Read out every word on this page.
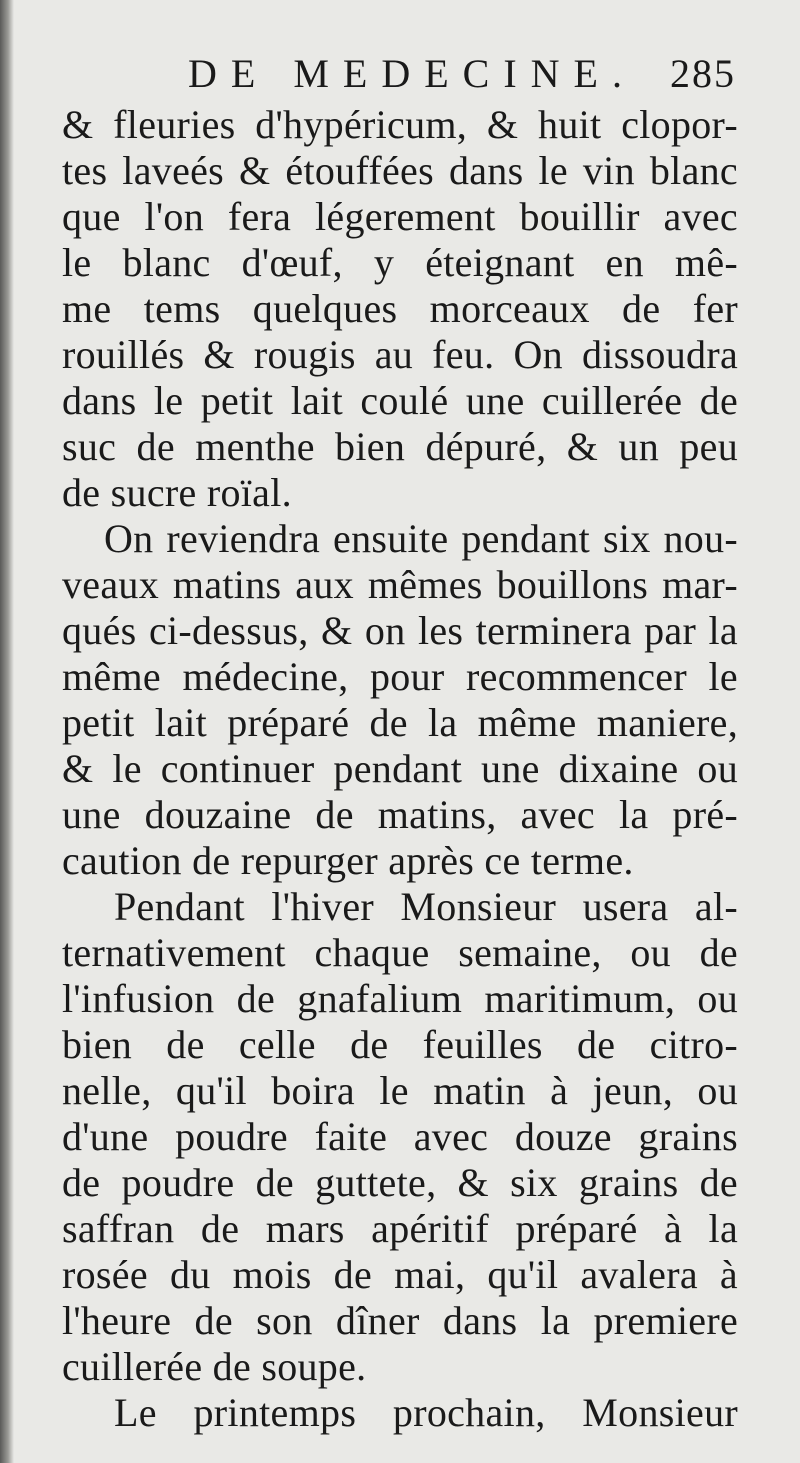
DE MEDECINE. 285
& fleuries d'hypéricum, & huit clopor-
tes laveés & étouffées dans le vin blanc
que l'on fera légerement bouillir avec
le blanc d'œuf, y éteignant en mê-
me tems quelques morceaux de fer
rouillés & rougis au feu. On dissoudra
dans le petit lait coulé une cuillerée de
suc de menthe bien dépuré, & un peu
de sucre roïal.
On reviendra ensuite pendant six nou-
veaux matins aux mêmes bouillons mar-
qués ci-dessus, & on les terminera par la
même médecine, pour recommencer le
petit lait préparé de la même maniere,
& le continuer pendant une dixaine ou
une douzaine de matins, avec la pré-
caution de repurger après ce terme.
Pendant l'hiver Monsieur usera al-
ternativement chaque semaine, ou de
l'infusion de gnafalium maritimum, ou
bien de celle de feuilles de citro-
nelle, qu'il boira le matin à jeun, ou
d'une poudre faite avec douze grains
de poudre de guttete, & six grains de
saffran de mars apéritif préparé à la
rosée du mois de mai, qu'il avalera à
l'heure de son dîner dans la premiere
cuillerée de soupe.
Le printemps prochain, Monsieur
